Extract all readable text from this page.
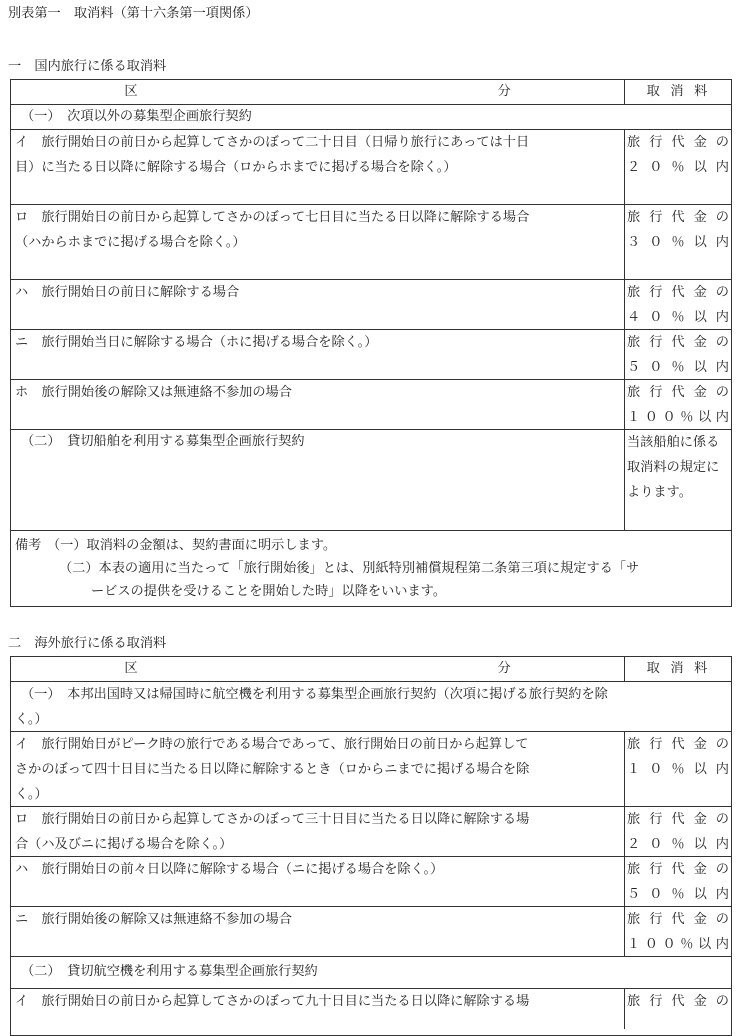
別表第一　取消料（第十六条第一項関係）
一　国内旅行に係る取消料
区	分	取消料
（一）　次項以外の募集型企画旅行契約
イ　旅行開始日の前日から起算してさかのぼって二十日目（日帰り旅行にあっては十日
目）に当たる日以降に解除する場合（ロからホまでに掲げる場合を除く。）
旅行代金の
２０％以内
ロ　旅行開始日の前日から起算してさかのぼって七日目に当たる日以降に解除する場合
（ハからホまでに掲げる場合を除く。）
旅行代金の
３０％以内
ハ　旅行開始日の前日に解除する場合	旅行代金の
４０％以内
ニ　旅行開始当日に解除する場合（ホに掲げる場合を除く。）	旅行代金の
５０％以内
ホ　旅行開始後の解除又は無連絡不参加の場合	旅行代金の
１００％以内
（二）　貸切船舶を利用する募集型企画旅行契約	当該船舶に係る取消料の規定によります。
備考 （一）取消料の金額は、契約書面に明示します。
（二）本表の適用に当たって「旅行開始後」とは、別紙特別補償規程第二条第三項に規定する「サ
ービスの提供を受けることを開始した時」以降をいいます。
二　海外旅行に係る取消料
区	分	取消料
（一）　本邦出国時又は帰国時に航空機を利用する募集型企画旅行契約（次項に掲げる旅行契約を除
く。）
イ　旅行開始日がピーク時の旅行である場合であって、旅行開始日の前日から起算して
さかのぼって四十日目に当たる日以降に解除するとき（ロからニまでに掲げる場合を除
く。）
旅行代金の
１０％以内
ロ　旅行開始日の前日から起算してさかのぼって三十日目に当たる日以降に解除する場
合（ハ及びニに掲げる場合を除く。）
旅行代金の
２０％以内
ハ　旅行開始日の前々日以降に解除する場合（ニに掲げる場合を除く。）	旅行代金の
５０％以内
ニ　旅行開始後の解除又は無連絡不参加の場合	旅行代金の
１００％以内
（二）　貸切航空機を利用する募集型企画旅行契約
イ　旅行開始日の前日から起算してさかのぼって九十日目に当たる日以降に解除する場	旅行代金の
